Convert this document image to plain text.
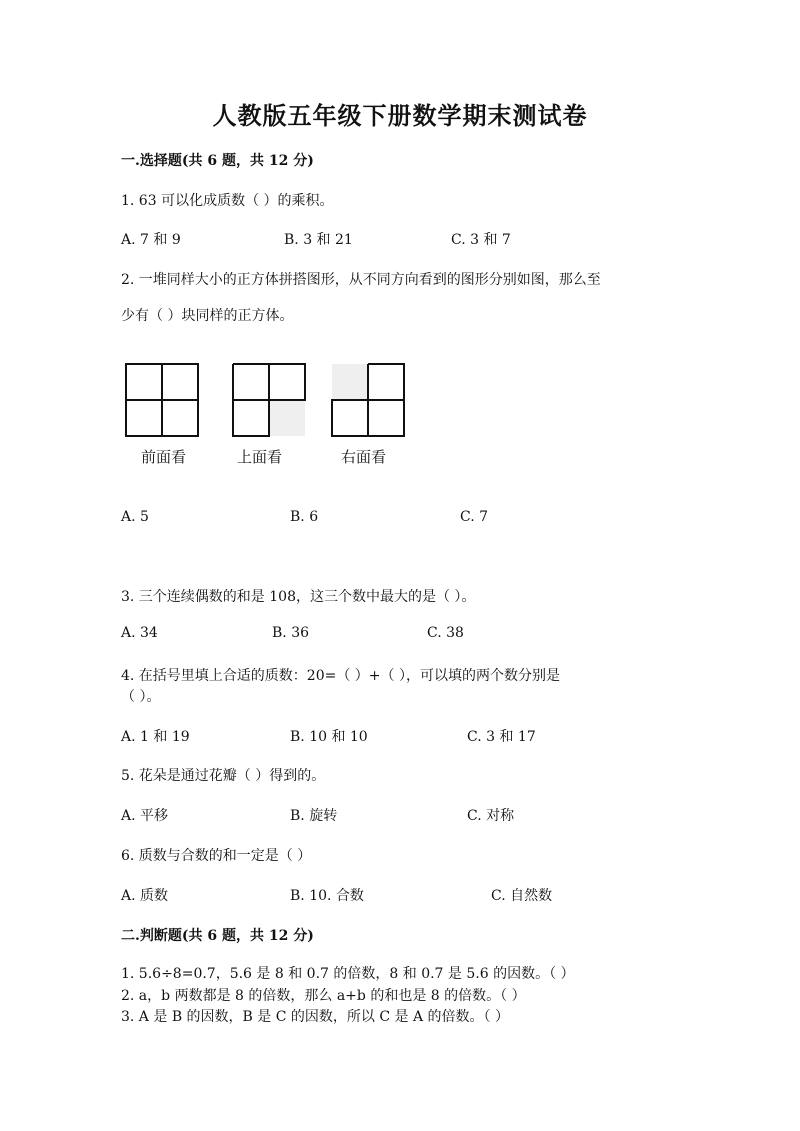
人教版五年级下册数学期末测试卷
一.选择题(共 6 题，共 12 分)
1. 63 可以化成质数（ ）的乘积。
A. 7 和 9	B. 3 和 21	C. 3 和 7
2. 一堆同样大小的正方体拼搭图形，从不同方向看到的图形分别如图，那么至
少有（ ）块同样的正方体。
前面看	上面看	右面看
A. 5	B. 6	C. 7
3. 三个连续偶数的和是 108，这三个数中最大的是（ ）。
A. 34	B. 36	C. 38
4. 在括号里填上合适的质数：20=（ ）+（ ），可以填的两个数分别是
（ ）。
A. 1 和 19	B. 10 和 10	C. 3 和 17
5. 花朵是通过花瓣（ ）得到的。
A. 平移	B. 旋转	C. 对称
6. 质数与合数的和一定是（ ）
A. 质数	B. 10. 合数	C. 自然数
二.判断题(共 6 题，共 12 分)
1. 5.6÷8=0.7，5.6 是 8 和 0.7 的倍数，8 和 0.7 是 5.6 的因数。（ ）
2. a，b 两数都是 8 的倍数，那么 a+b 的和也是 8 的倍数。（ ）
3. A 是 B 的因数，B 是 C 的因数，所以 C 是 A 的倍数。（ ）
